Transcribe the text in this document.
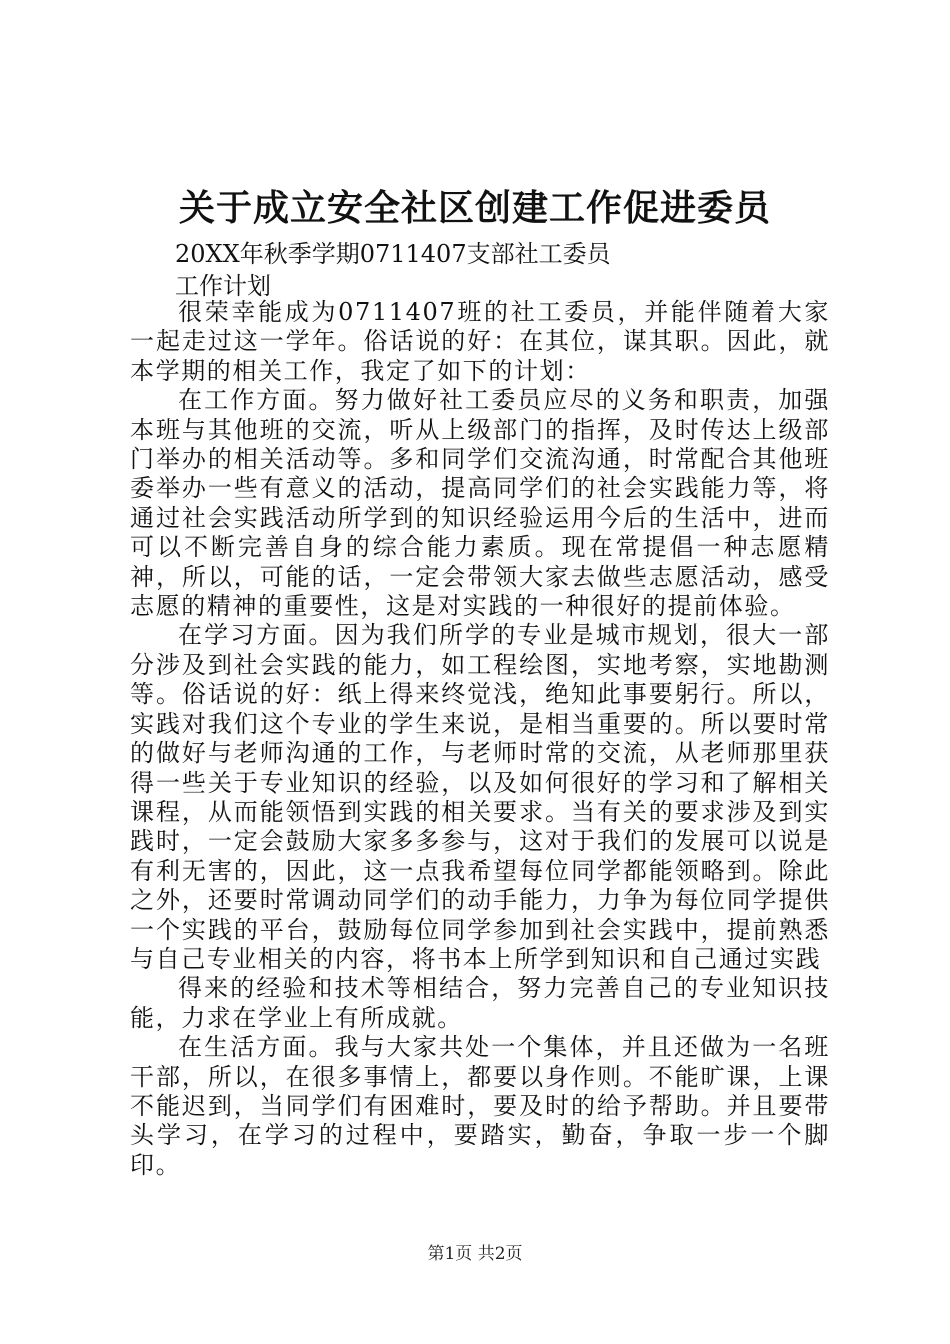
关于成立安全社区创建工作促进委员

20XX年秋季学期0711407支部社工委员

工作计划

很荣幸能成为0711407班的社工委员，并能伴随着大家一起走过这一学年。俗话说的好：在其位，谋其职。因此，就本学期的相关工作，我定了如下的计划：

在工作方面。努力做好社工委员应尽的义务和职责，加强本班与其他班的交流，听从上级部门的指挥，及时传达上级部门举办的相关活动等。多和同学们交流沟通，时常配合其他班委举办一些有意义的活动，提高同学们的社会实践能力等，将通过社会实践活动所学到的知识经验运用今后的生活中，进而可以不断完善自身的综合能力素质。现在常提倡一种志愿精神，所以，可能的话，一定会带领大家去做些志愿活动，感受志愿的精神的重要性，这是对实践的一种很好的提前体验。

在学习方面。因为我们所学的专业是城市规划，很大一部分涉及到社会实践的能力，如工程绘图，实地考察，实地勘测等。俗话说的好：纸上得来终觉浅，绝知此事要躬行。所以，实践对我们这个专业的学生来说，是相当重要的。所以要时常的做好与老师沟通的工作，与老师时常的交流，从老师那里获得一些关于专业知识的经验，以及如何很好的学习和了解相关课程，从而能领悟到实践的相关要求。当有关的要求涉及到实践时，一定会鼓励大家多多参与，这对于我们的发展可以说是有利无害的，因此，这一点我希望每位同学都能领略到。除此之外，还要时常调动同学们的动手能力，力争为每位同学提供一个实践的平台，鼓励每位同学参加到社会实践中，提前熟悉与自己专业相关的内容，将书本上所学到知识和自己通过实践

得来的经验和技术等相结合，努力完善自己的专业知识技能，力求在学业上有所成就。

在生活方面。我与大家共处一个集体，并且还做为一名班干部，所以，在很多事情上，都要以身作则。不能旷课，上课不能迟到，当同学们有困难时，要及时的给予帮助。并且要带头学习，在学习的过程中，要踏实，勤奋，争取一步一个脚印。

第1页 共2页
